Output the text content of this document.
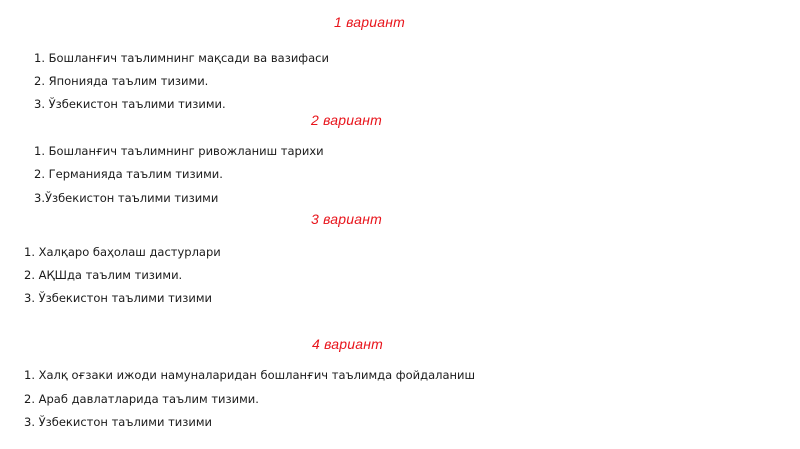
1 вариант
1. Бошланғич таълимнинг мақсади ва вазифаси
2. Японияда таълим тизими.
3. Ўзбекистон таълими тизими.
2 вариант
1. Бошланғич таълимнинг ривожланиш тарихи
2. Германияда таълим тизими.
3.Ўзбекистон таълими тизими
3 вариант
1. Халқаро баҳолаш дастурлари
2. АҚШда таълим тизими.
3. Ўзбекистон таълими тизими
4 вариант
1. Халқ оғзаки ижоди намуналаридан бошланғич таълимда фойдаланиш
2. Араб давлатларида таълим тизими.
3. Ўзбекистон таълими тизими
